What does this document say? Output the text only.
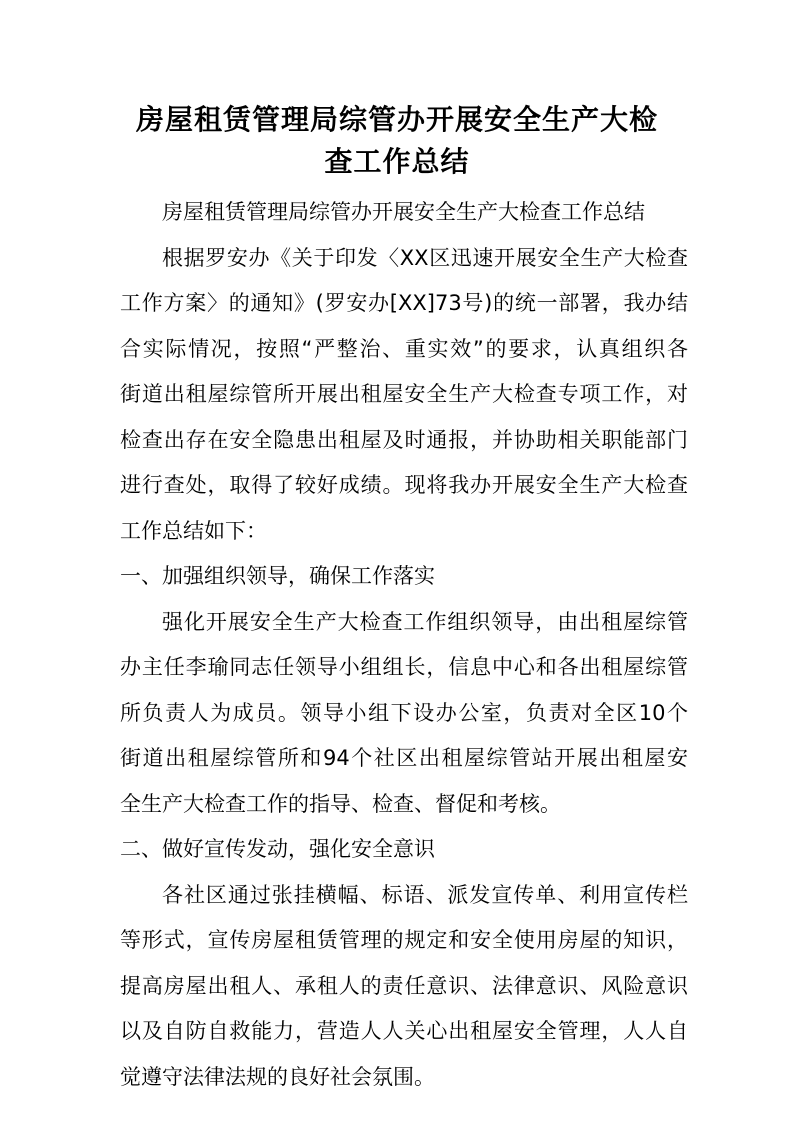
房屋租赁管理局综管办开展安全生产大检
查工作总结

房屋租赁管理局综管办开展安全生产大检查工作总结

根据罗安办《关于印发〈XX区迅速开展安全生产大检查

工作方案〉的通知》(罗安办[XX]73号)的统一部署，我办结

合实际情况，按照“严整治、重实效”的要求，认真组织各

街道出租屋综管所开展出租屋安全生产大检查专项工作，对

检查出存在安全隐患出租屋及时通报，并协助相关职能部门

进行查处，取得了较好成绩。现将我办开展安全生产大检查

工作总结如下：

一、加强组织领导，确保工作落实

强化开展安全生产大检查工作组织领导，由出租屋综管

办主任李瑜同志任领导小组组长，信息中心和各出租屋综管

所负责人为成员。领导小组下设办公室，负责对全区10个

街道出租屋综管所和94个社区出租屋综管站开展出租屋安

全生产大检查工作的指导、检查、督促和考核。

二、做好宣传发动，强化安全意识

各社区通过张挂横幅、标语、派发宣传单、利用宣传栏

等形式，宣传房屋租赁管理的规定和安全使用房屋的知识，

提高房屋出租人、承租人的责任意识、法律意识、风险意识

以及自防自救能力，营造人人关心出租屋安全管理，人人自

觉遵守法律法规的良好社会氛围。
